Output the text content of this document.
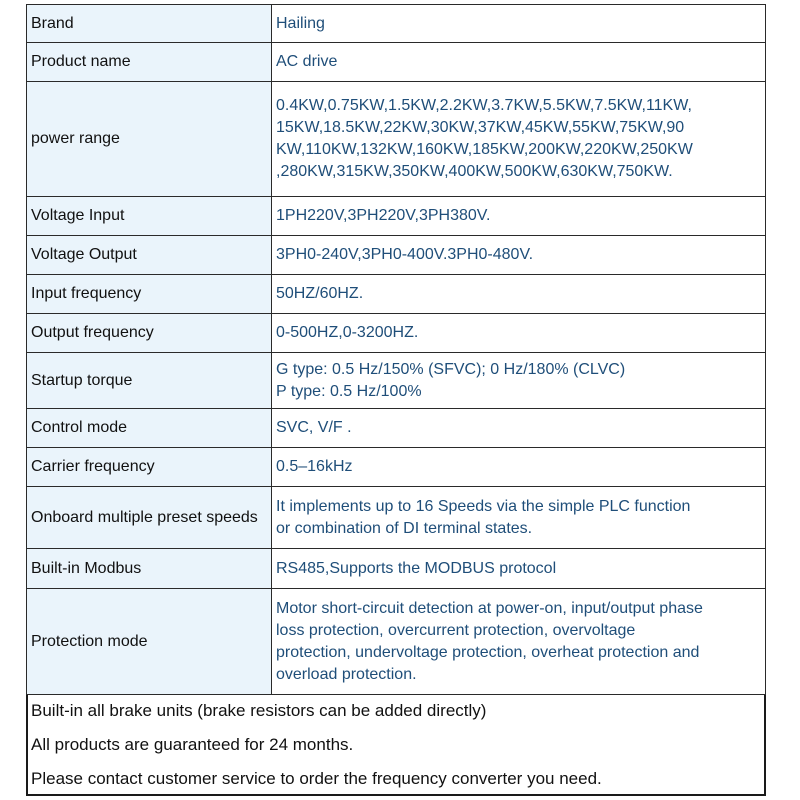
Brand	Hailing

Product name	AC drive

power range	0.4KW,0.75KW,1.5KW,2.2KW,3.7KW,5.5KW,7.5KW,11KW,
15KW,18.5KW,22KW,30KW,37KW,45KW,55KW,75KW,90
KW,110KW,132KW,160KW,185KW,200KW,220KW,250KW
,280KW,315KW,350KW,400KW,500KW,630KW,750KW.

Voltage Input	1PH220V,3PH220V,3PH380V.

Voltage Output	3PH0-240V,3PH0-400V.3PH0-480V.

Input frequency	50HZ/60HZ.

Output frequency	0-500HZ,0-3200HZ.

Startup torque	G type: 0.5 Hz/150% (SFVC); 0 Hz/180% (CLVC)
P type: 0.5 Hz/100%

Control mode	SVC, V/F .

Carrier frequency	0.5–16kHz

Onboard multiple preset speeds	It implements up to 16 Speeds via the simple PLC function
or combination of DI terminal states.

Built-in Modbus	RS485,Supports the MODBUS protocol

Protection mode	Motor short-circuit detection at power-on, input/output phase
loss protection, overcurrent protection, overvoltage
protection, undervoltage protection, overheat protection and
overload protection.
Built-in all brake units (brake resistors can be added directly)
All products are guaranteed for 24 months.
Please contact customer service to order the frequency converter you need.
